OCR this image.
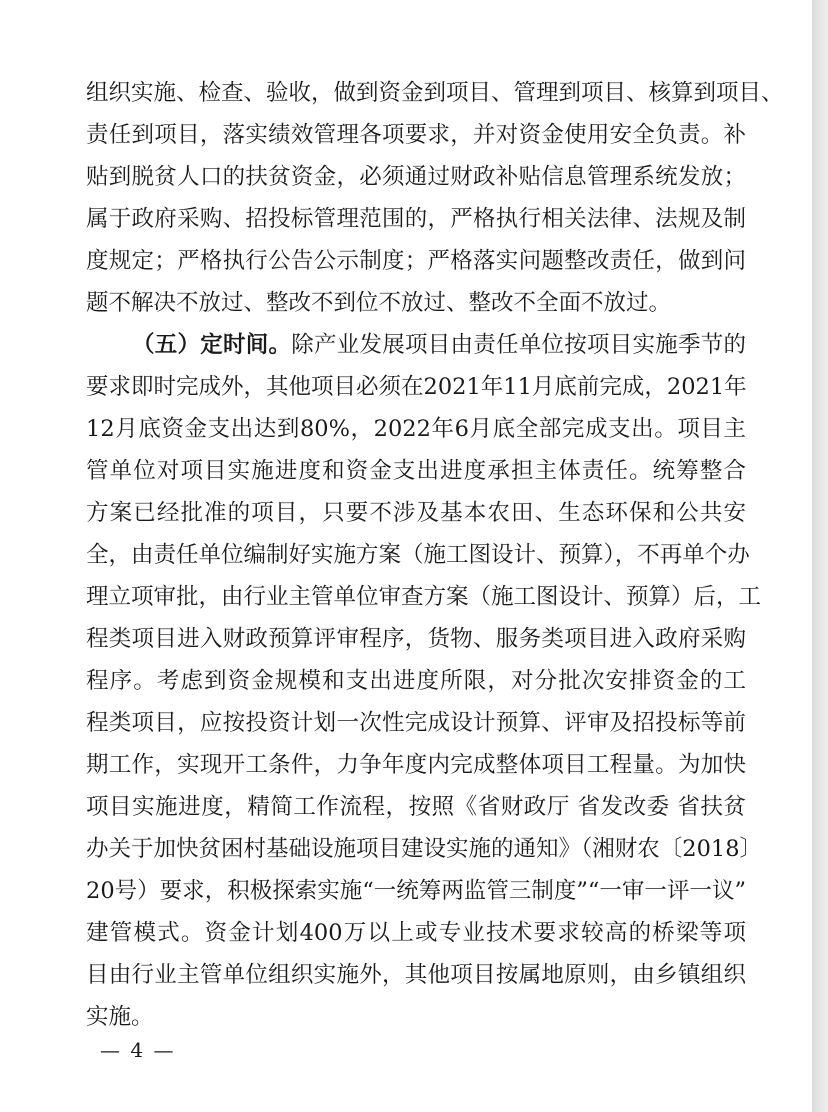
组织实施、检查、验收，做到资金到项目、管理到项目、核算到项目、
责任到项目，落实绩效管理各项要求，并对资金使用安全负责。补
贴到脱贫人口的扶贫资金，必须通过财政补贴信息管理系统发放；
属于政府采购、招投标管理范围的，严格执行相关法律、法规及制
度规定；严格执行公告公示制度；严格落实问题整改责任，做到问
题不解决不放过、整改不到位不放过、整改不全面不放过。
（五）定时间。除产业发展项目由责任单位按项目实施季节的
要求即时完成外，其他项目必须在2021年11月底前完成，2021年
12月底资金支出达到80%，2022年6月底全部完成支出。项目主
管单位对项目实施进度和资金支出进度承担主体责任。统筹整合
方案已经批准的项目，只要不涉及基本农田、生态环保和公共安
全，由责任单位编制好实施方案（施工图设计、预算），不再单个办
理立项审批，由行业主管单位审查方案（施工图设计、预算）后，工
程类项目进入财政预算评审程序，货物、服务类项目进入政府采购
程序。考虑到资金规模和支出进度所限，对分批次安排资金的工
程类项目，应按投资计划一次性完成设计预算、评审及招投标等前
期工作，实现开工条件，力争年度内完成整体项目工程量。为加快
项目实施进度，精简工作流程，按照《省财政厅 省发改委 省扶贫
办关于加快贫困村基础设施项目建设实施的通知》（湘财农〔2018〕
20号）要求，积极探索实施“一统筹两监管三制度”“一审一评一议”
建管模式。资金计划400万以上或专业技术要求较高的桥梁等项
目由行业主管单位组织实施外，其他项目按属地原则，由乡镇组织
实施。
— 4 —
